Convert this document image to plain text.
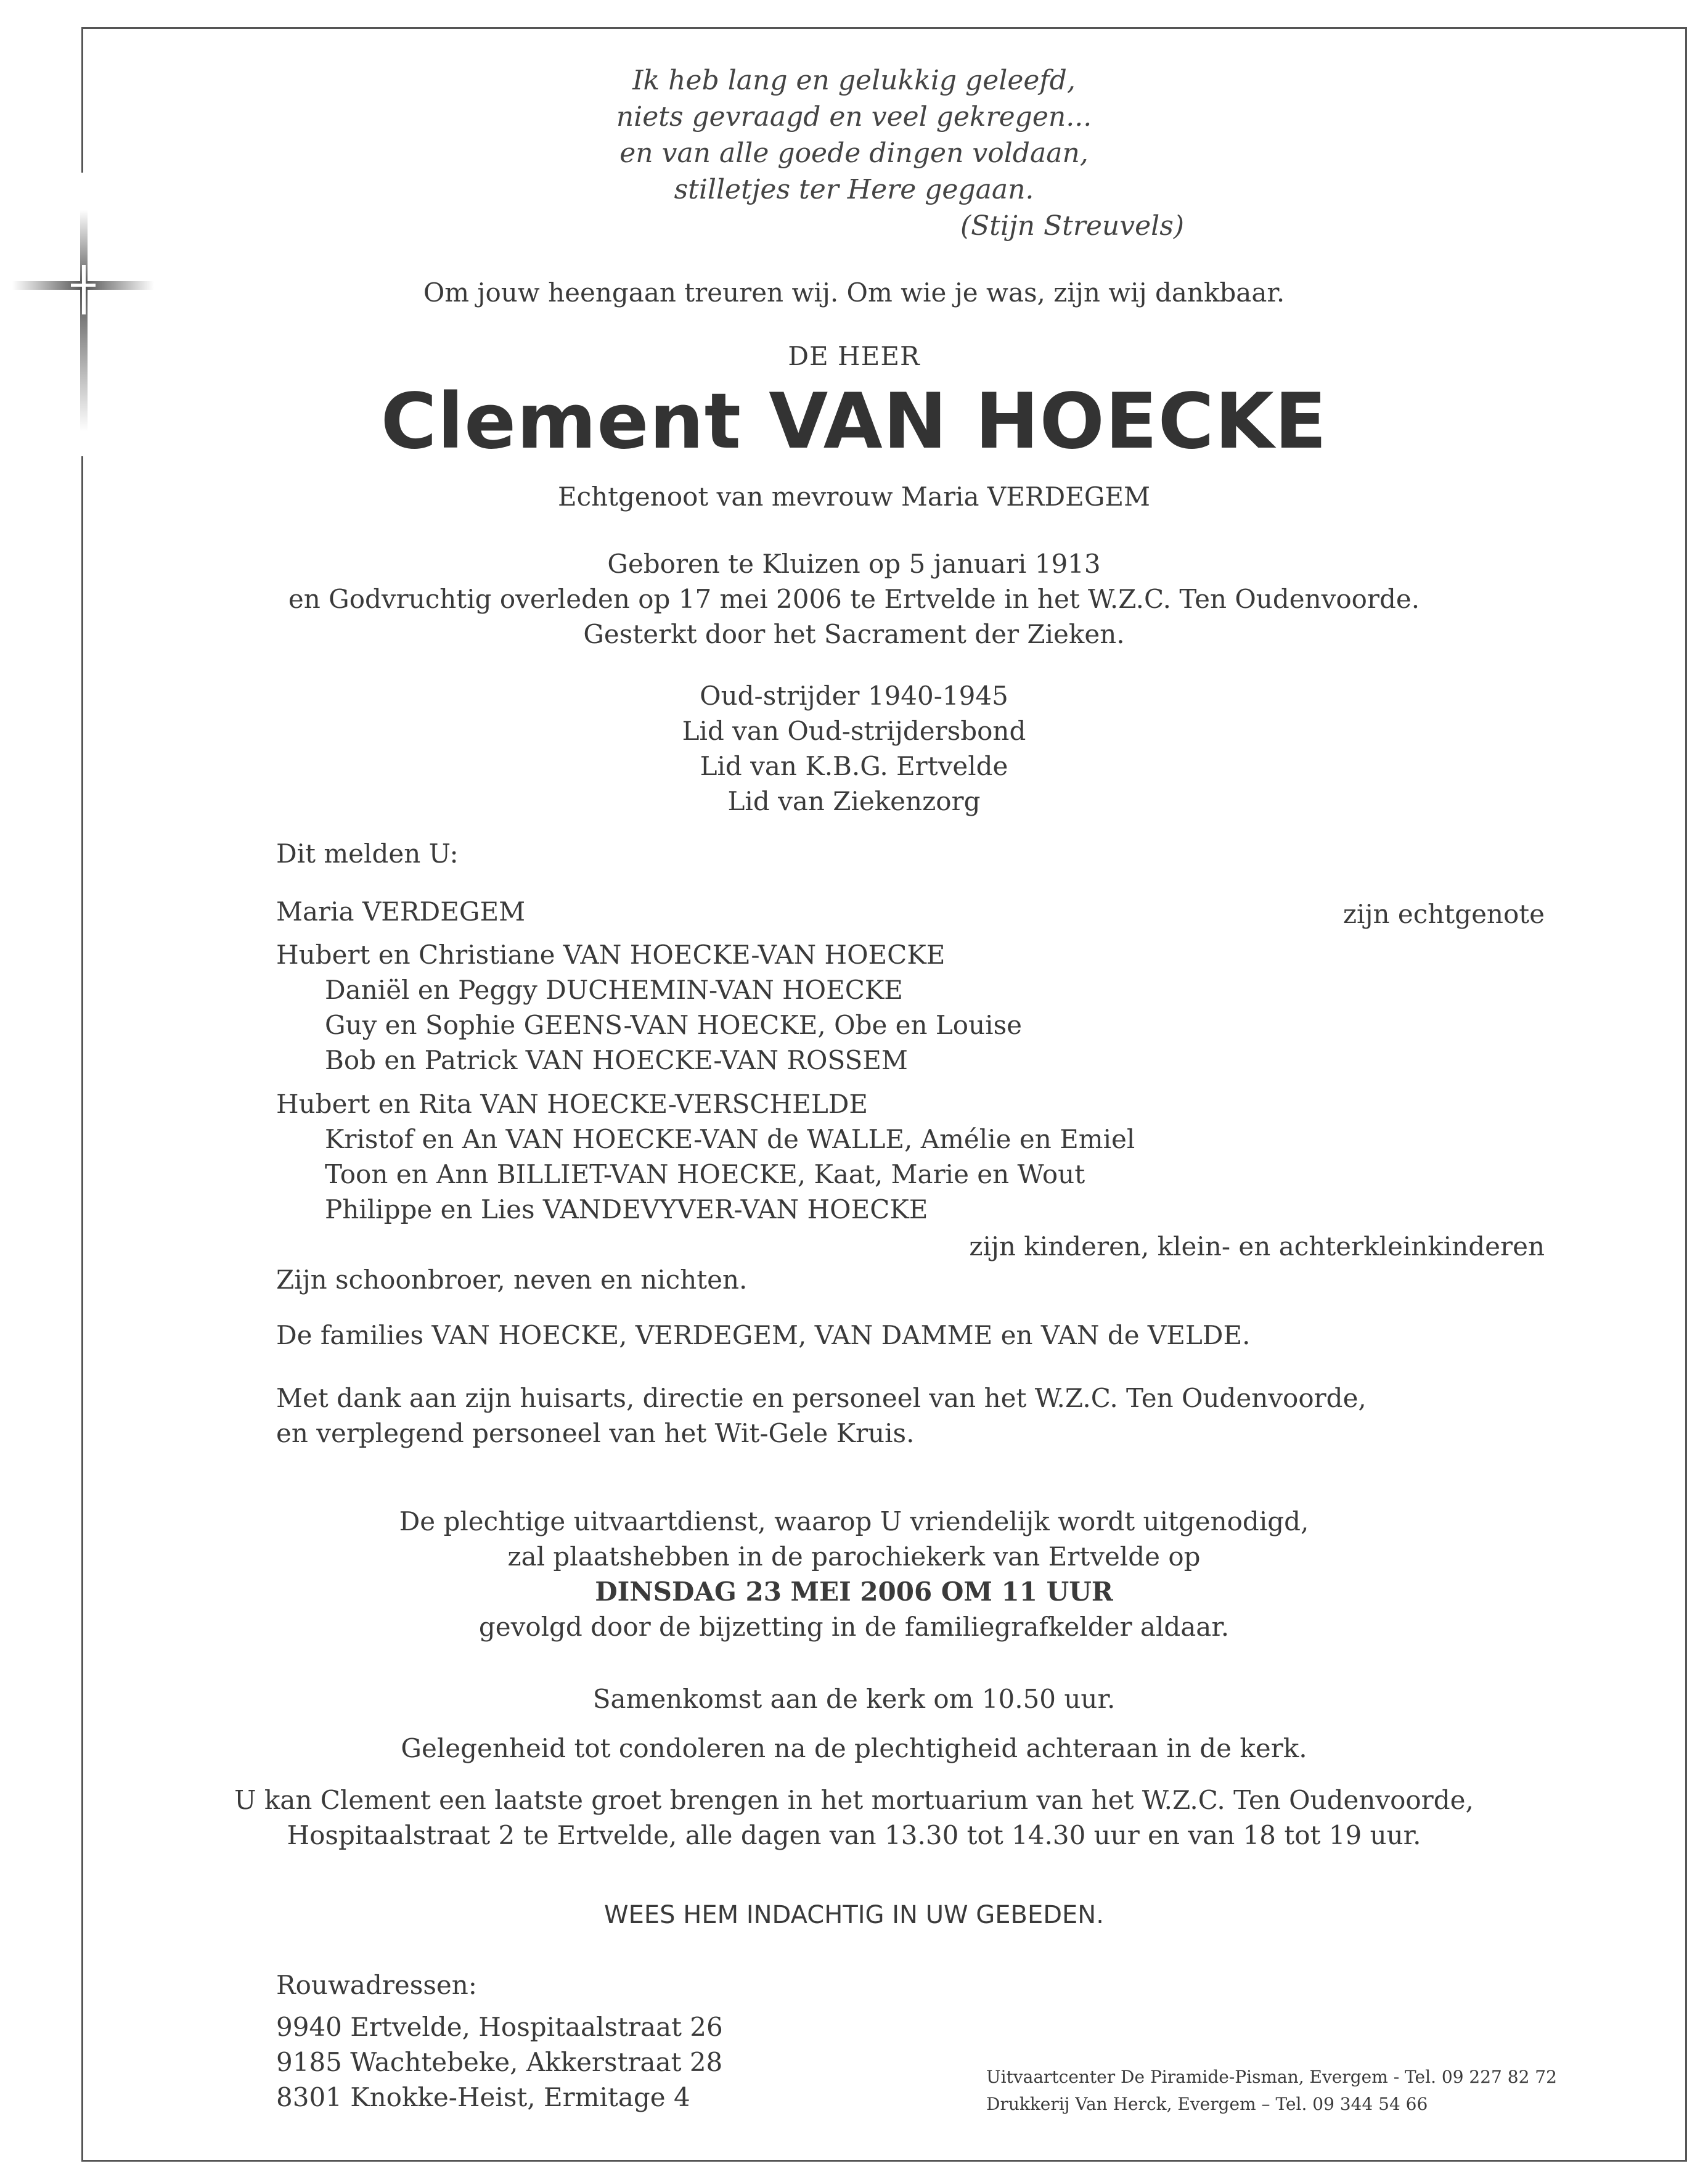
Ik heb lang en gelukkig geleefd,
niets gevraagd en veel gekregen...
en van alle goede dingen voldaan,
stilletjes ter Here gegaan.
(Stijn Streuvels)
Om jouw heengaan treuren wij. Om wie je was, zijn wij dankbaar.
DE HEER
Clement VAN HOECKE
Echtgenoot van mevrouw Maria VERDEGEM
Geboren te Kluizen op 5 januari 1913
en Godvruchtig overleden op 17 mei 2006 te Ertvelde in het W.Z.C. Ten Oudenvoorde.
Gesterkt door het Sacrament der Zieken.
Oud-strijder 1940-1945
Lid van Oud-strijdersbond
Lid van K.B.G. Ertvelde
Lid van Ziekenzorg
Dit melden U:
Maria VERDEGEM	zijn echtgenote
Hubert en Christiane VAN HOECKE-VAN HOECKE
Daniël en Peggy DUCHEMIN-VAN HOECKE
Guy en Sophie GEENS-VAN HOECKE, Obe en Louise
Bob en Patrick VAN HOECKE-VAN ROSSEM
Hubert en Rita VAN HOECKE-VERSCHELDE
Kristof en An VAN HOECKE-VAN de WALLE, Amélie en Emiel
Toon en Ann BILLIET-VAN HOECKE, Kaat, Marie en Wout
Philippe en Lies VANDEVYVER-VAN HOECKE
zijn kinderen, klein- en achterkleinkinderen
Zijn schoonbroer, neven en nichten.
De families VAN HOECKE, VERDEGEM, VAN DAMME en VAN de VELDE.
Met dank aan zijn huisarts, directie en personeel van het W.Z.C. Ten Oudenvoorde,
en verplegend personeel van het Wit-Gele Kruis.
De plechtige uitvaartdienst, waarop U vriendelijk wordt uitgenodigd,
zal plaatshebben in de parochiekerk van Ertvelde op
DINSDAG 23 MEI 2006 OM 11 UUR
gevolgd door de bijzetting in de familiegrafkelder aldaar.
Samenkomst aan de kerk om 10.50 uur.
Gelegenheid tot condoleren na de plechtigheid achteraan in de kerk.
U kan Clement een laatste groet brengen in het mortuarium van het W.Z.C. Ten Oudenvoorde,
Hospitaalstraat 2 te Ertvelde, alle dagen van 13.30 tot 14.30 uur en van 18 tot 19 uur.
WEES HEM INDACHTIG IN UW GEBEDEN.
Rouwadressen:
9940 Ertvelde, Hospitaalstraat 26
9185 Wachtebeke, Akkerstraat 28
8301 Knokke-Heist, Ermitage 4
Uitvaartcenter De Piramide-Pisman, Evergem - Tel. 09 227 82 72
Drukkerij Van Herck, Evergem – Tel. 09 344 54 66
